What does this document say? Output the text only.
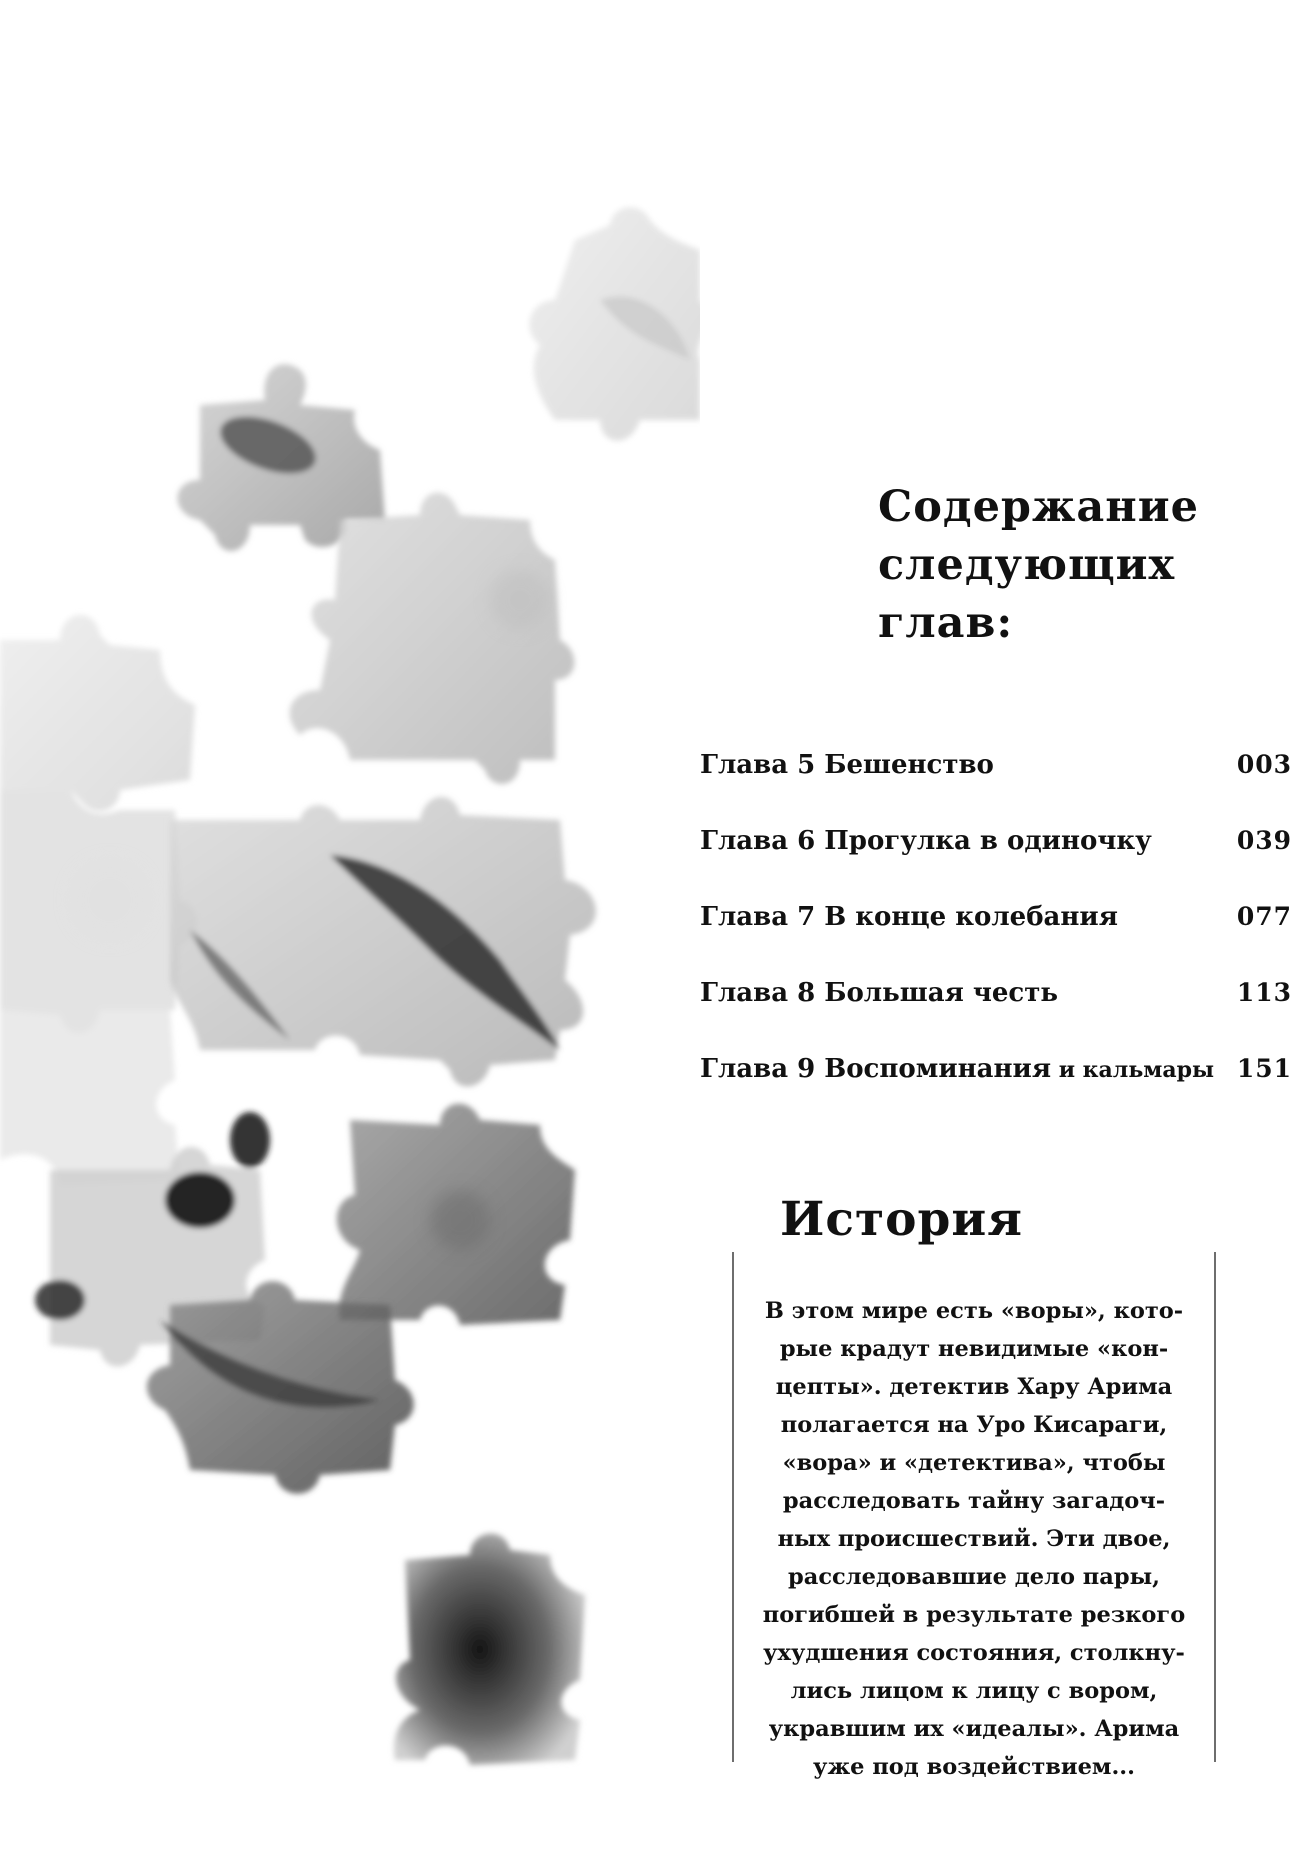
Содержание
следующих
глав:
Глава 5 Бешенство	003
Глава 6 Прогулка в одиночку	039
Глава 7 В конце колебания	077
Глава 8 Большая честь	113
Глава 9 Воспоминания и кальмары 151
История
В этом мире есть «воры», кото-
рые крадут невидимые «кон-
цепты». детектив Хару Арима
полагается на Уро Кисараги,
«вора» и «детектива», чтобы
расследовать тайну загадоч-
ных происшествий. Эти двое,
расследовавшие дело пары,
погибшей в результате резкого
ухудшения состояния, столкну-
лись лицом к лицу с вором,
укравшим их «идеалы». Арима
уже под воздействием...
